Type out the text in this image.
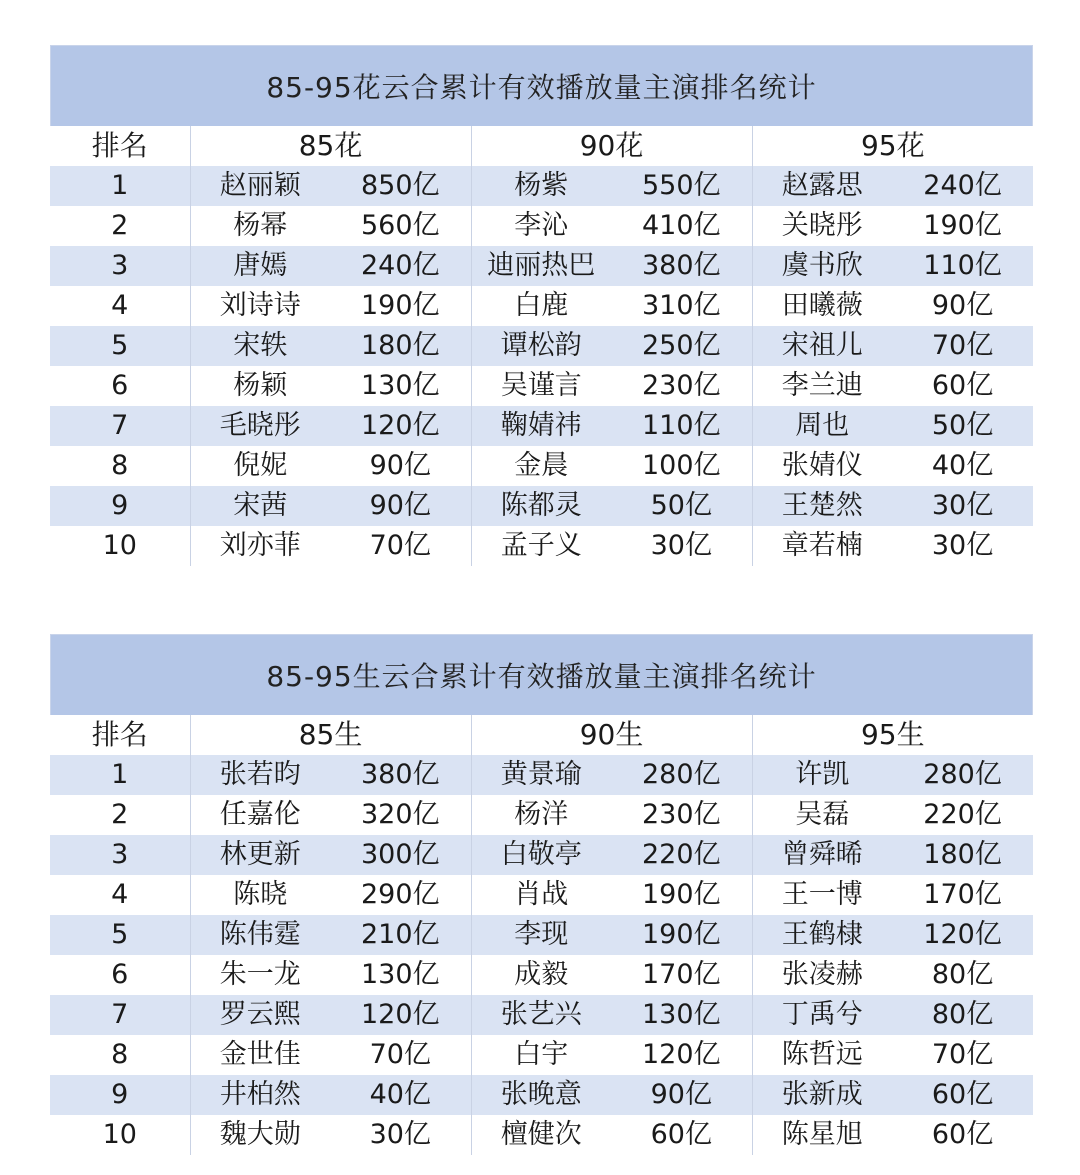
85-95花云合累计有效播放量主演排名统计
排名	85花		90花		95花	
1	赵丽颖	850亿	杨紫	550亿	赵露思	240亿
2	杨幂	560亿	李沁	410亿	关晓彤	190亿
3	唐嫣	240亿	迪丽热巴	380亿	虞书欣	110亿
4	刘诗诗	190亿	白鹿	310亿	田曦薇	90亿
5	宋轶	180亿	谭松韵	250亿	宋祖儿	70亿
6	杨颖	130亿	吴谨言	230亿	李兰迪	60亿
7	毛晓彤	120亿	鞠婧祎	110亿	周也	50亿
8	倪妮	90亿	金晨	100亿	张婧仪	40亿
9	宋茜	90亿	陈都灵	50亿	王楚然	30亿
10	刘亦菲	70亿	孟子义	30亿	章若楠	30亿
85-95生云合累计有效播放量主演排名统计
排名	85生		90生		95生	
1	张若昀	380亿	黄景瑜	280亿	许凯	280亿
2	任嘉伦	320亿	杨洋	230亿	吴磊	220亿
3	林更新	300亿	白敬亭	220亿	曾舜晞	180亿
4	陈晓	290亿	肖战	190亿	王一博	170亿
5	陈伟霆	210亿	李现	190亿	王鹤棣	120亿
6	朱一龙	130亿	成毅	170亿	张凌赫	80亿
7	罗云熙	120亿	张艺兴	130亿	丁禹兮	80亿
8	金世佳	70亿	白宇	120亿	陈哲远	70亿
9	井柏然	40亿	张晚意	90亿	张新成	60亿
10	魏大勋	30亿	檀健次	60亿	陈星旭	60亿
